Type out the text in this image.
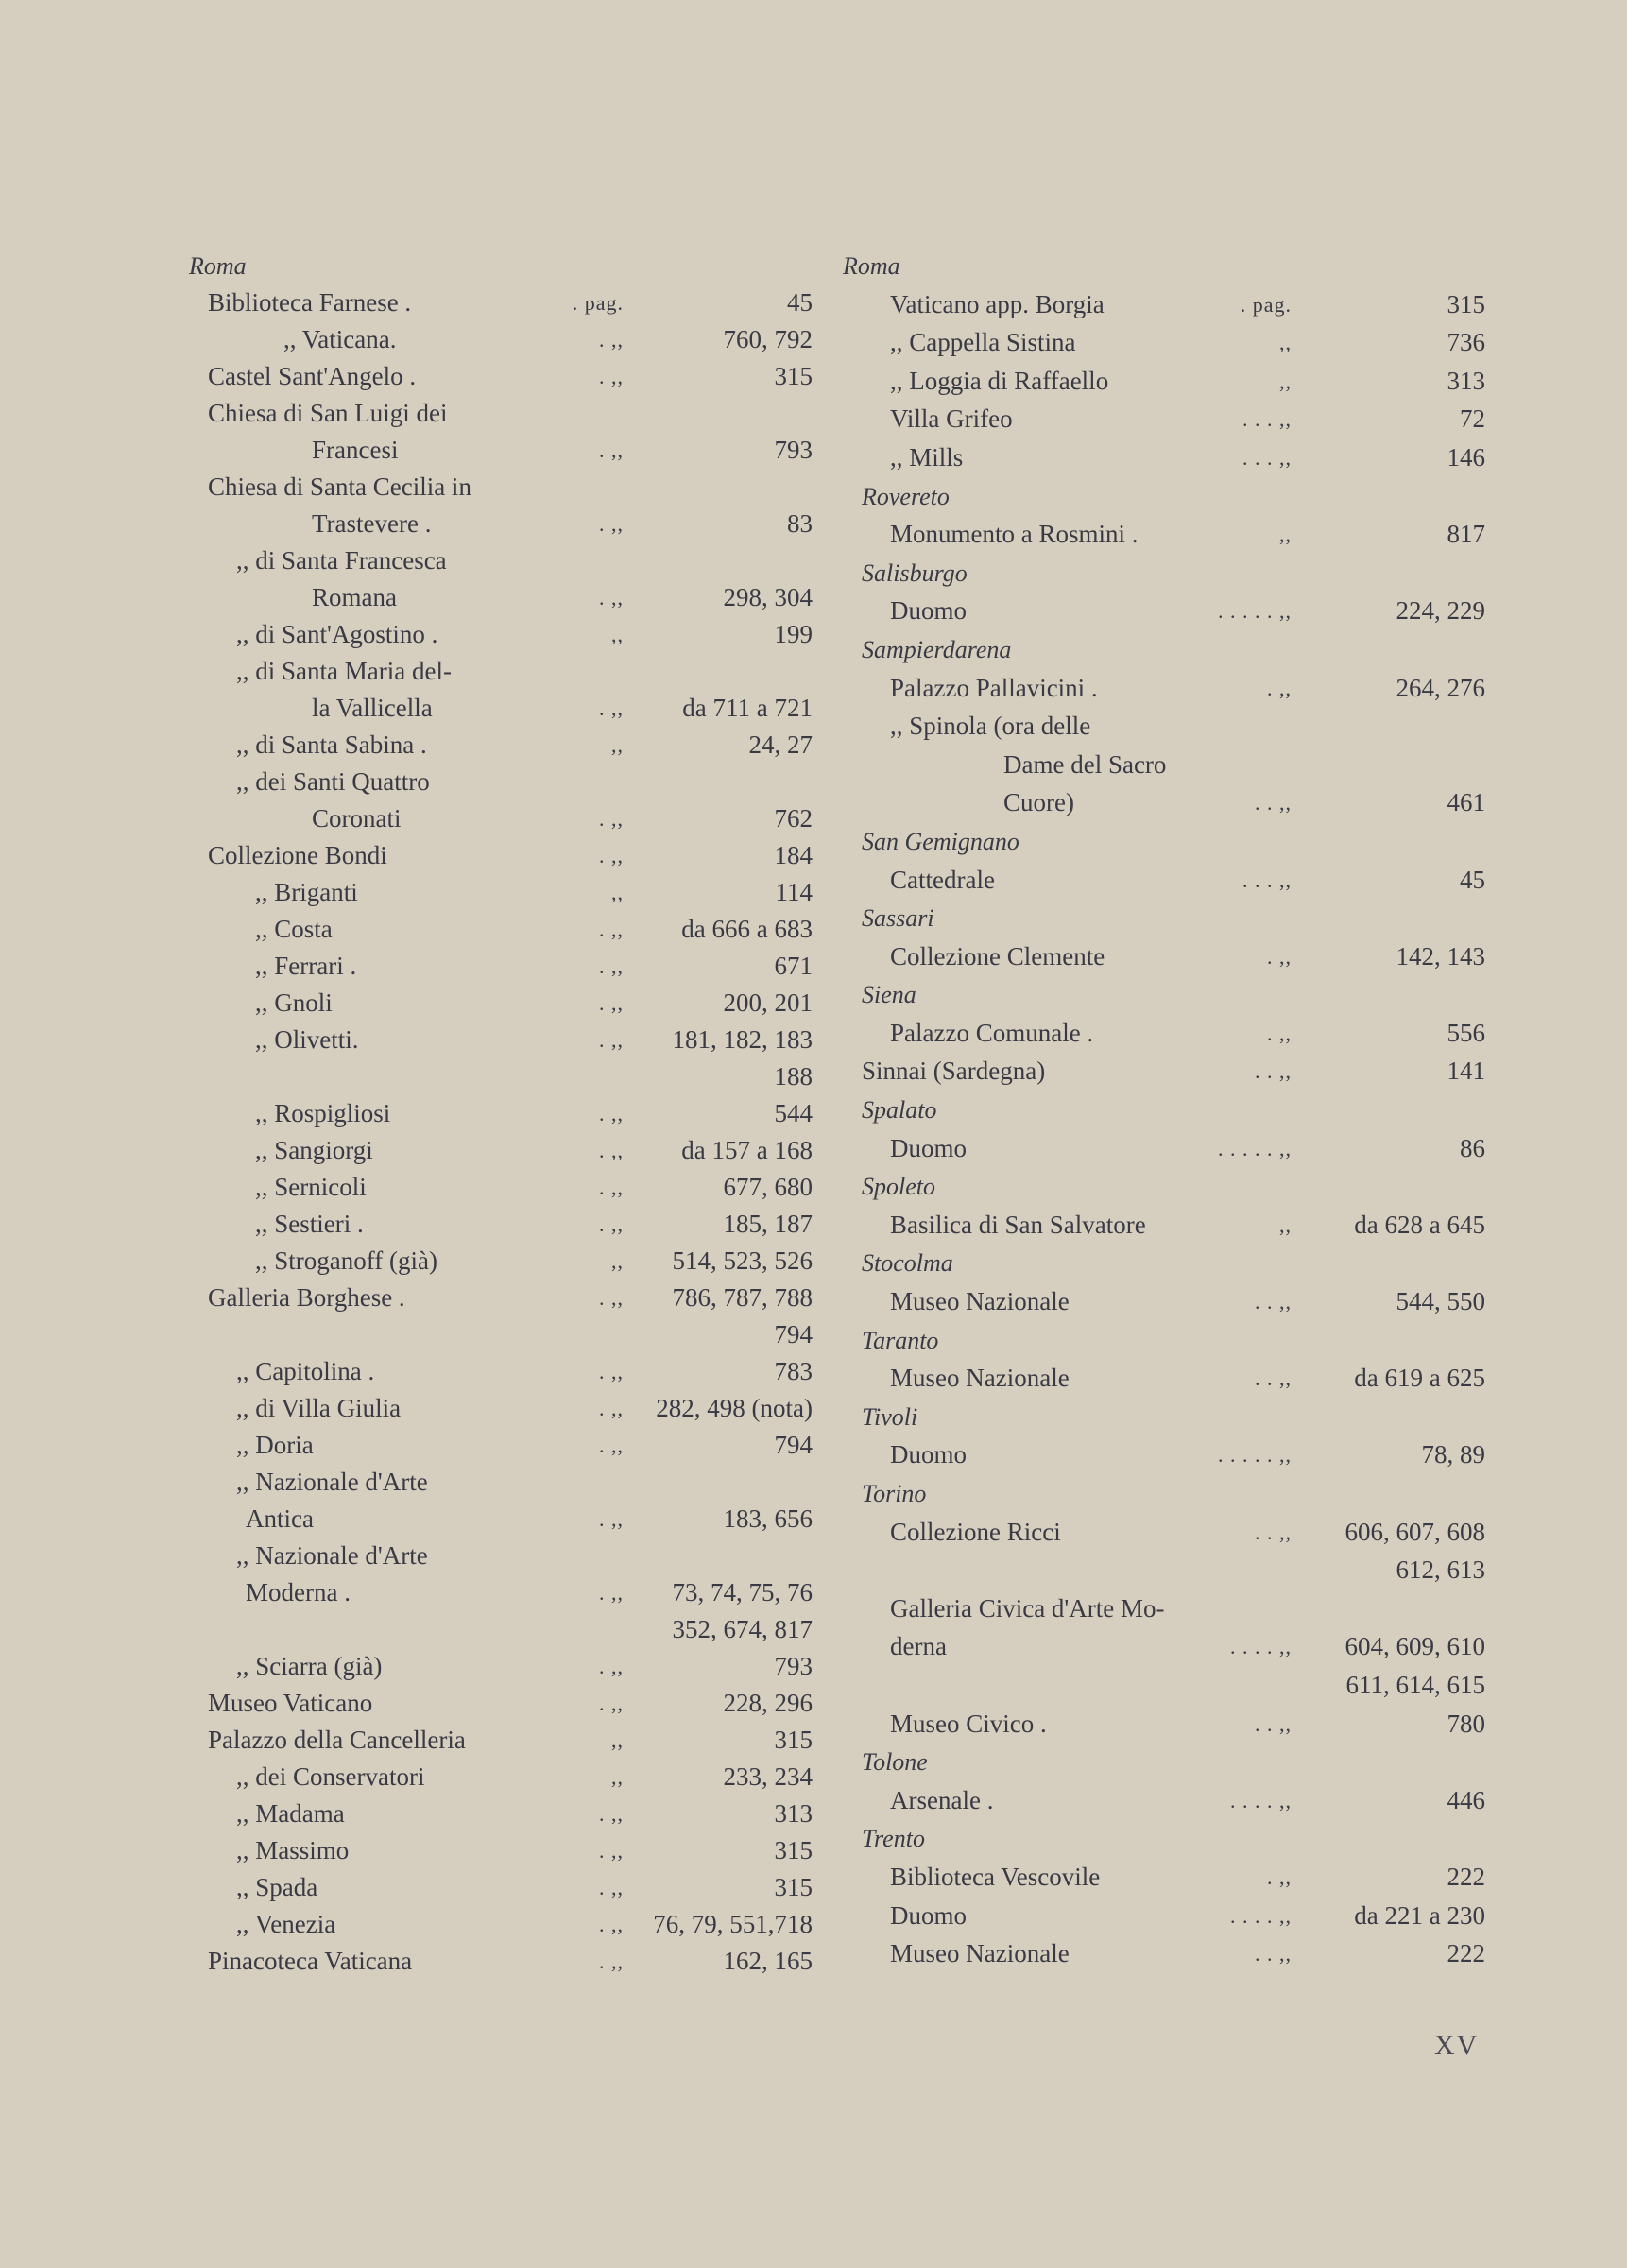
Roma
Biblioteca Farnese .	. pag.	45
,, Vaticana.	. ,,	760, 792
Castel Sant'Angelo .	. ,,	315
Chiesa di San Luigi dei
Francesi	. ,,	793
Chiesa di Santa Cecilia in
Trastevere .	. ,,	83
,, di Santa Francesca
Romana	. ,,	298, 304
,, di Sant'Agostino .	,,	199
,, di Santa Maria del-
la Vallicella	. ,, da 711 a 721
,, di Santa Sabina .	,,	24, 27
,, dei Santi Quattro
Coronati	. ,,	762
Collezione Bondi	. ,,	184
,, Briganti	,,	114
,, Costa	. ,, da 666 a 683
,, Ferrari .	. ,,	671
,, Gnoli	. ,,	200, 201
,, Olivetti.	. ,, 181, 182, 183
188
,, Rospigliosi	. ,,	544
,, Sangiorgi	. ,, da 157 a 168
,, Sernicoli	. ,,	677, 680
,, Sestieri .	. ,,	185, 187
,, Stroganoff (già)	,, 514, 523, 526
Galleria Borghese .	. ,, 786, 787, 788
794
,, Capitolina .	. ,,	783
,, di Villa Giulia	. ,, 282, 498 (nota)
,, Doria	. ,,	794
,, Nazionale d'Arte
Antica	. ,,	183, 656
,, Nazionale d'Arte
Moderna .	. ,, 73, 74, 75, 76
352, 674, 817
,, Sciarra (già)	. ,,	793
Museo Vaticano	. ,,	228, 296
Palazzo della Cancelleria	,,	315
,, dei Conservatori	,,	233, 234
,, Madama	. ,,	313
,, Massimo	. ,,	315
,, Spada	. ,,	315
,, Venezia	. ,, 76, 79, 551,718
Pinacoteca Vaticana	. ,,	162, 165
Roma
Vaticano app. Borgia	. pag.	315
,, Cappella Sistina	,,	736
,, Loggia di Raffaello	,,	313
Villa Grifeo	. . . ,,	72
,, Mills	. . . ,,	146
Rovereto
Monumento a Rosmini .	,,	817
Salisburgo
Duomo	. . . . . ,,	224, 229
Sampierdarena
Palazzo Pallavicini .	. ,,	264, 276
,, Spinola (ora delle
Dame del Sacro
Cuore)	. . ,,	461
San Gemignano
Cattedrale	. . . ,,	45
Sassari
Collezione Clemente	. ,,	142, 143
Siena
Palazzo Comunale .	. ,,	556
Sinnai (Sardegna)	. . ,,	141
Spalato
Duomo	. . . . . ,,	86
Spoleto
Basilica di San Salvatore	,, da 628 a 645
Stocolma
Museo Nazionale	. . ,,	544, 550
Taranto
Museo Nazionale	. . ,, da 619 a 625
Tivoli
Duomo	. . . . . ,,	78, 89
Torino
Collezione Ricci	. . ,, 606, 607, 608
612, 613
Galleria Civica d'Arte Mo-
derna	. . . . ,, 604, 609, 610
611, 614, 615
Museo Civico .	. . ,,	780
Tolone
Arsenale .	. . . . ,,	446
Trento
Biblioteca Vescovile	. ,,	222
Duomo	. . . . ,, da 221 a 230
Museo Nazionale	. . ,,	222
XV
